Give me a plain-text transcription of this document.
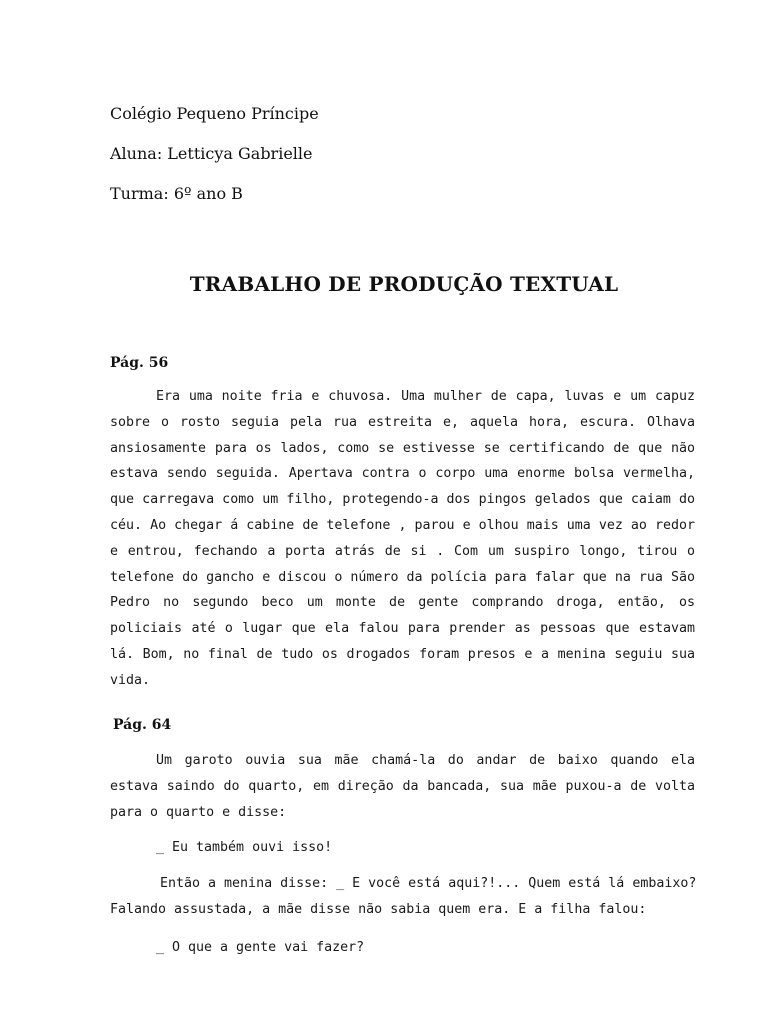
Colégio Pequeno Príncipe
Aluna: Letticya Gabrielle
Turma: 6º ano B
TRABALHO DE PRODUÇÃO TEXTUAL
Pág. 56

Era uma noite fria e chuvosa. Uma mulher de capa, luvas e um capuz sobre o rosto seguia pela rua estreita e, aquela hora, escura. Olhava ansiosamente para os lados, como se estivesse se certificando de que não estava sendo seguida. Apertava contra o corpo uma enorme bolsa vermelha, que carregava como um filho, protegendo-a dos pingos gelados que caiam do céu. Ao chegar á cabine de telefone , parou e olhou mais uma vez ao redor e entrou, fechando a porta atrás de si . Com um suspiro longo, tirou o telefone do gancho e discou o número da polícia para falar que na rua São Pedro no segundo beco um monte de gente comprando droga, então, os policiais até o lugar que ela falou para prender as pessoas que estavam lá. Bom, no final de tudo os drogados foram presos e a menina seguiu sua vida.

Pág. 64

Um garoto ouvia sua mãe chamá-la do andar de baixo quando ela estava saindo do quarto, em direção da bancada, sua mãe puxou-a de volta para o quarto e disse:

_ Eu também ouvi isso!
Então a menina disse: _ E você está aqui?!... Quem está lá embaixo?
Falando assustada, a mãe disse não sabia quem era. E a filha falou:
_ O que a gente vai fazer?
